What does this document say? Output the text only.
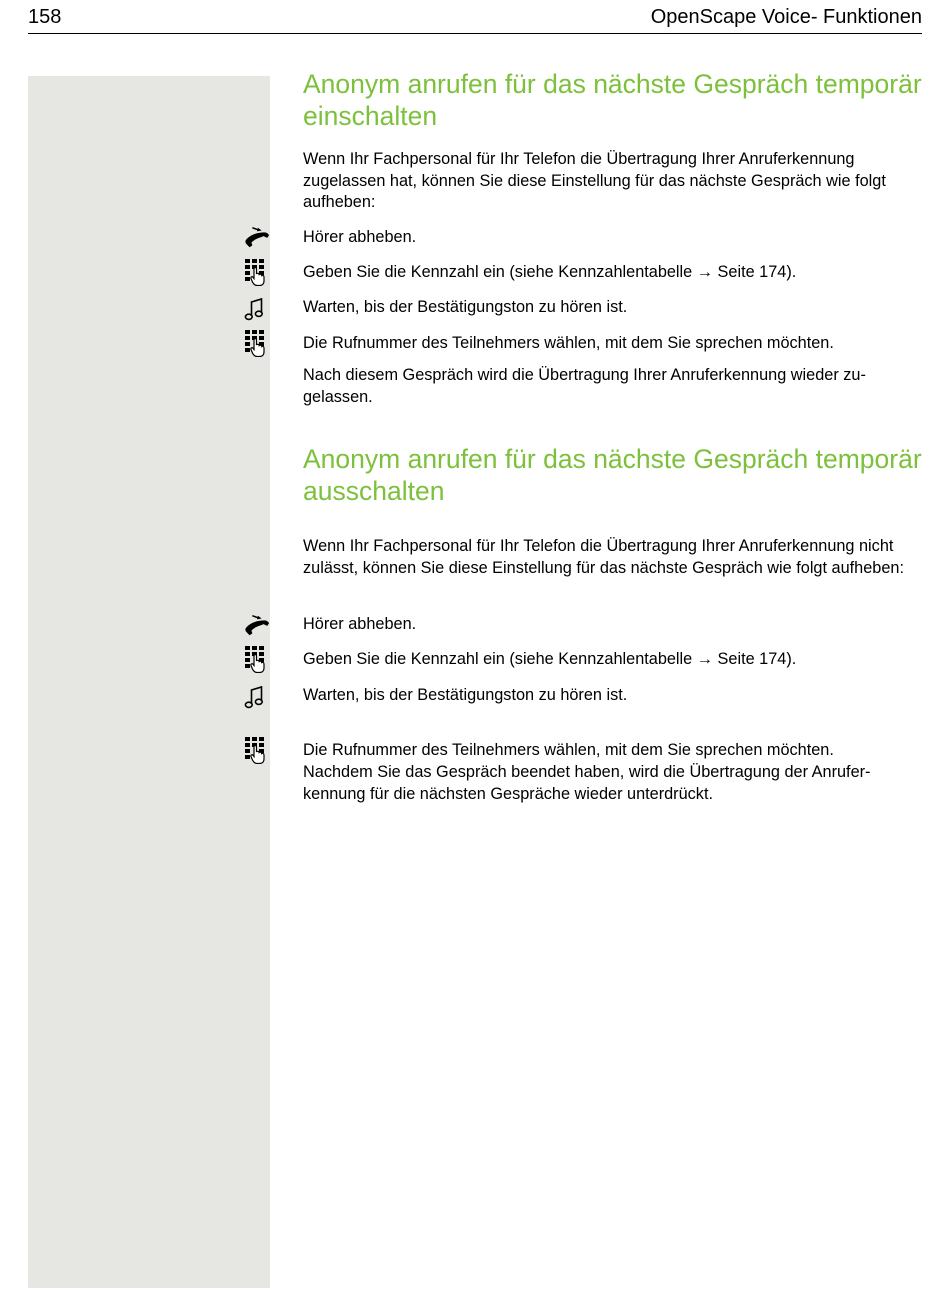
158	OpenScape Voice- Funktionen
Anonym anrufen für das nächste Gespräch temporär
einschalten

Wenn Ihr Fachpersonal für Ihr Telefon die Übertragung Ihrer Anruferkennung zugelassen hat, können Sie diese Einstellung für das nächste Gespräch wie folgt aufheben:

Hörer abheben.

Geben Sie die Kennzahl ein (siehe Kennzahlentabelle → Seite 174).

Warten, bis der Bestätigungston zu hören ist.

Die Rufnummer des Teilnehmers wählen, mit dem Sie sprechen möchten.

Nach diesem Gespräch wird die Übertragung Ihrer Anruferkennung wieder zu-
gelassen.

Anonym anrufen für das nächste Gespräch temporär
ausschalten

Wenn Ihr Fachpersonal für Ihr Telefon die Übertragung Ihrer Anruferkennung nicht zulässt, können Sie diese Einstellung für das nächste Gespräch wie folgt aufheben:

Hörer abheben.

Geben Sie die Kennzahl ein (siehe Kennzahlentabelle → Seite 174).

Warten, bis der Bestätigungston zu hören ist.

Die Rufnummer des Teilnehmers wählen, mit dem Sie sprechen möchten.

Nachdem Sie das Gespräch beendet haben, wird die Übertragung der Anrufer-
kennung für die nächsten Gespräche wieder unterdrückt.
